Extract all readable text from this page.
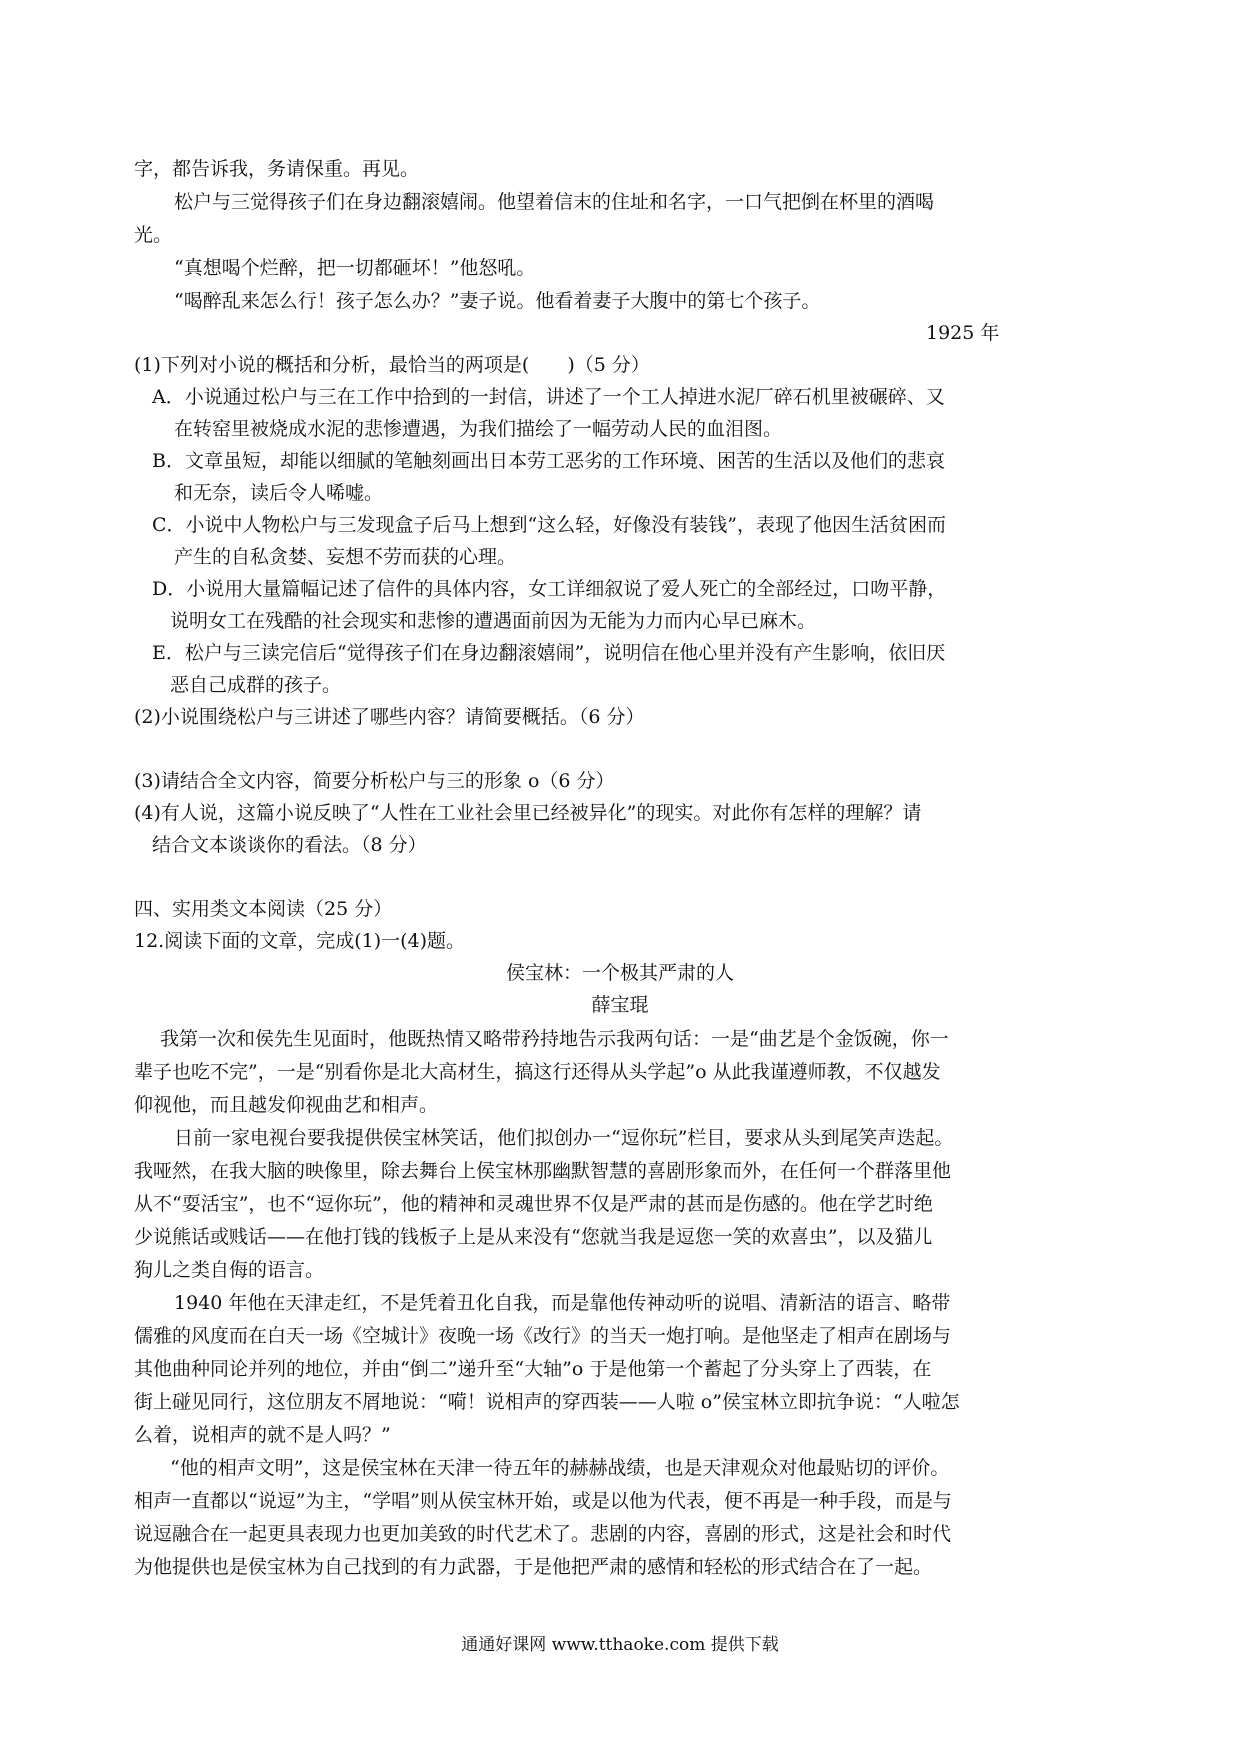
字，都告诉我，务请保重。再见。
松户与三觉得孩子们在身边翻滚嬉闹。他望着信末的住址和名字，一口气把倒在杯里的酒喝
光。
“真想喝个烂醉，把一切都砸坏！”他怒吼。
“喝醉乱来怎么行！孩子怎么办？”妻子说。他看着妻子大腹中的第七个孩子。
1925 年
(1)下列对小说的概括和分析，最恰当的两项是(　　)（5 分）
A．小说通过松户与三在工作中拾到的一封信，讲述了一个工人掉进水泥厂碎石机里被碾碎、又
在转窑里被烧成水泥的悲惨遭遇，为我们描绘了一幅劳动人民的血泪图。
B．文章虽短，却能以细腻的笔触刻画出日本劳工恶劣的工作环境、困苦的生活以及他们的悲哀
和无奈，读后令人唏嘘。
C．小说中人物松户与三发现盒子后马上想到“这么轻，好像没有装钱”，表现了他因生活贫困而
产生的自私贪婪、妄想不劳而获的心理。
D．小说用大量篇幅记述了信件的具体内容，女工详细叙说了爱人死亡的全部经过，口吻平静，
说明女工在残酷的社会现实和悲惨的遭遇面前因为无能为力而内心早已麻木。
E．松户与三读完信后“觉得孩子们在身边翻滚嬉闹”，说明信在他心里并没有产生影响，依旧厌
恶自己成群的孩子。
(2)小说围绕松户与三讲述了哪些内容？请简要概括。（6 分）
(3)请结合全文内容，简要分析松户与三的形象 o（6 分）
(4)有人说，这篇小说反映了“人性在工业社会里已经被异化”的现实。对此你有怎样的理解？请
结合文本谈谈你的看法。（8 分）
四、实用类文本阅读（25 分）
12.阅读下面的文章，完成(1)一(4)题。
侯宝林：一个极其严肃的人
薛宝琨
我第一次和侯先生见面时，他既热情又略带矜持地告示我两句话：一是“曲艺是个金饭碗，你一
辈子也吃不完”，一是“别看你是北大高材生，搞这行还得从头学起”o 从此我谨遵师教，不仅越发
仰视他，而且越发仰视曲艺和相声。
日前一家电视台要我提供侯宝林笑话，他们拟创办一“逗你玩”栏目，要求从头到尾笑声迭起。
我哑然，在我大脑的映像里，除去舞台上侯宝林那幽默智慧的喜剧形象而外，在任何一个群落里他
从不“耍活宝”，也不“逗你玩”，他的精神和灵魂世界不仅是严肃的甚而是伤感的。他在学艺时绝
少说熊话或贱话——在他打钱的钱板子上是从来没有“您就当我是逗您一笑的欢喜虫”，以及猫儿
狗儿之类自侮的语言。
1940 年他在天津走红，不是凭着丑化自我，而是靠他传神动听的说唱、清新洁的语言、略带
儒雅的风度而在白天一场《空城计》夜晚一场《改行》的当天一炮打响。是他坚走了相声在剧场与
其他曲种同论并列的地位，并由“倒二”递升至“大轴”o 于是他第一个蓄起了分头穿上了西装，在
街上碰见同行，这位朋友不屑地说：“嗬！说相声的穿西装——人啦 o”侯宝林立即抗争说：“人啦怎
么着，说相声的就不是人吗？”
“他的相声文明”，这是侯宝林在天津一待五年的赫赫战绩，也是天津观众对他最贴切的评价。
相声一直都以“说逗”为主，“学唱”则从侯宝林开始，或是以他为代表，便不再是一种手段，而是与
说逗融合在一起更具表现力也更加美致的时代艺术了。悲剧的内容，喜剧的形式，这是社会和时代
为他提供也是侯宝林为自己找到的有力武器，于是他把严肃的感情和轻松的形式结合在了一起。
通通好课网 www.tthaoke.com 提供下载
